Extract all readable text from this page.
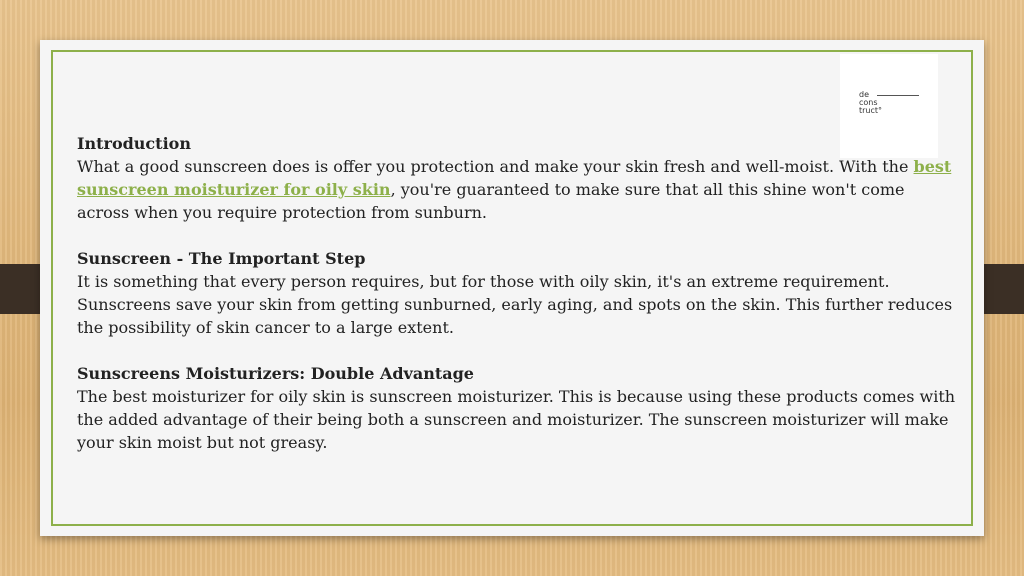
de
cons
truct°
Introduction
What a good sunscreen does is offer you protection and make your skin fresh and well-moist. With the best sunscreen moisturizer for oily skin, you're guaranteed to make sure that all this shine won't come across when you require protection from sunburn.
Sunscreen - The Important Step
It is something that every person requires, but for those with oily skin, it's an extreme requirement. Sunscreens save your skin from getting sunburned, early aging, and spots on the skin. This further reduces the possibility of skin cancer to a large extent.
Sunscreens Moisturizers: Double Advantage
The best moisturizer for oily skin is sunscreen moisturizer. This is because using these products comes with the added advantage of their being both a sunscreen and moisturizer. The sunscreen moisturizer will make your skin moist but not greasy.
